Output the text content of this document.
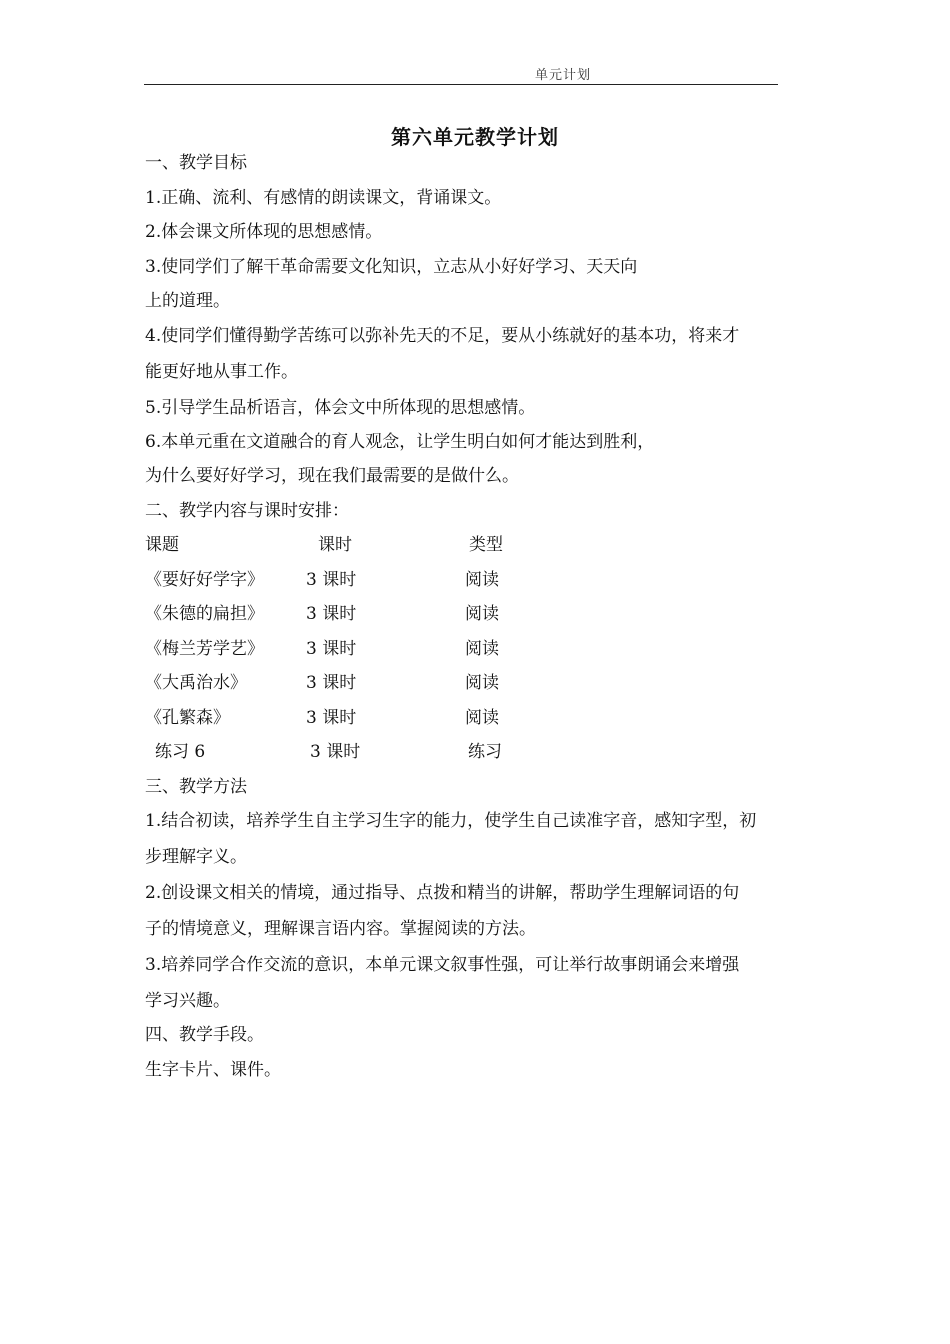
单元计划
第六单元教学计划
一、教学目标
1.正确、流利、有感情的朗读课文，背诵课文。
2.体会课文所体现的思想感情。
3.使同学们了解干革命需要文化知识，立志从小好好学习、天天向
上的道理。
4.使同学们懂得勤学苦练可以弥补先天的不足，要从小练就好的基本功，将来才
能更好地从事工作。
5.引导学生品析语言，体会文中所体现的思想感情。
6.本单元重在文道融合的育人观念，让学生明白如何才能达到胜利，
为什么要好好学习，现在我们最需要的是做什么。
二、教学内容与课时安排：
课题	课时	类型
《要好好学字》 3 课时	阅读
《朱德的扁担》 3 课时	阅读
《梅兰芳学艺》 3 课时	阅读
《大禹治水》	3 课时	阅读
《孔繁森》	3 课时	阅读
练习 6	3 课时	练习
三、教学方法
1.结合初读，培养学生自主学习生字的能力，使学生自己读准字音，感知字型，初
步理解字义。
2.创设课文相关的情境，通过指导、点拨和精当的讲解，帮助学生理解词语的句
子的情境意义，理解课言语内容。掌握阅读的方法。
3.培养同学合作交流的意识，本单元课文叙事性强，可让举行故事朗诵会来增强
学习兴趣。
四、教学手段。
生字卡片、课件。
